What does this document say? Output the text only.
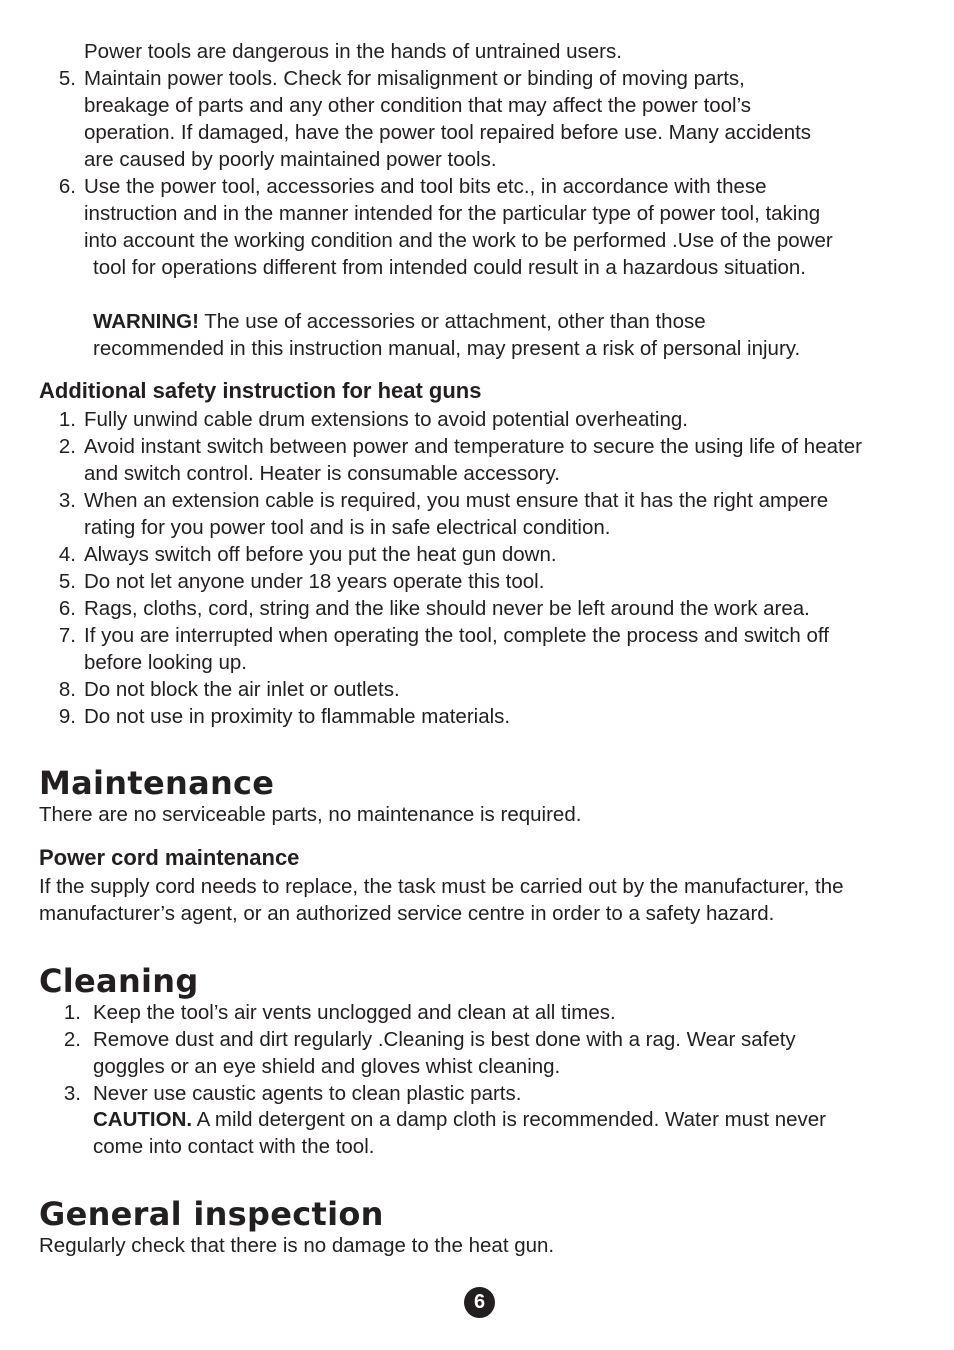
Power tools are dangerous in the hands of untrained users.
5. Maintain power tools. Check for misalignment or binding of moving parts,
breakage of parts and any other condition that may affect the power tool’s
operation. If damaged, have the power tool repaired before use. Many accidents
are caused by poorly maintained power tools.
6. Use the power tool, accessories and tool bits etc., in accordance with these
instruction and in the manner intended for the particular type of power tool, taking
into account the working condition and the work to be performed .Use of the power
tool for operations different from intended could result in a hazardous situation.
WARNING! The use of accessories or attachment, other than those
recommended in this instruction manual, may present a risk of personal injury.
Additional safety instruction for heat guns
1. Fully unwind cable drum extensions to avoid potential overheating.
2. Avoid instant switch between power and temperature to secure the using life of heater
and switch control. Heater is consumable accessory.
3. When an extension cable is required, you must ensure that it has the right ampere
rating for you power tool and is in safe electrical condition.
4. Always switch off before you put the heat gun down.
5. Do not let anyone under 18 years operate this tool.
6. Rags, cloths, cord, string and the like should never be left around the work area.
7. If you are interrupted when operating the tool, complete the process and switch off
before looking up.
8. Do not block the air inlet or outlets.
9. Do not use in proximity to flammable materials.
Maintenance
There are no serviceable parts, no maintenance is required.
Power cord maintenance
If the supply cord needs to replace, the task must be carried out by the manufacturer, the
manufacturer’s agent, or an authorized service centre in order to a safety hazard.
Cleaning
1. Keep the tool’s air vents unclogged and clean at all times.
2. Remove dust and dirt regularly .Cleaning is best done with a rag. Wear safety
goggles or an eye shield and gloves whist cleaning.
3. Never use caustic agents to clean plastic parts.
CAUTION. A mild detergent on a damp cloth is recommended. Water must never
come into contact with the tool.
General inspection
Regularly check that there is no damage to the heat gun.
6
